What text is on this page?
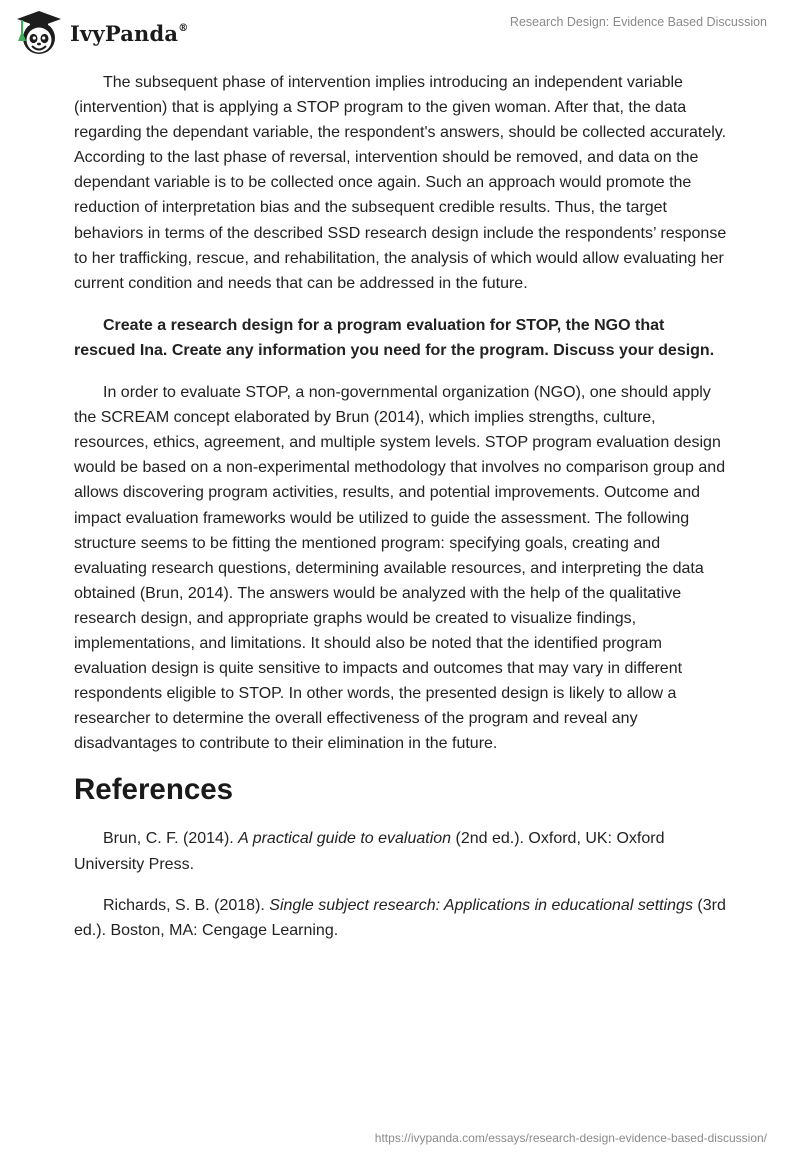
IvyPanda®	Research Design: Evidence Based Discussion

The subsequent phase of intervention implies introducing an independent variable (intervention) that is applying a STOP program to the given woman. After that, the data regarding the dependant variable, the respondent's answers, should be collected accurately. According to the last phase of reversal, intervention should be removed, and data on the dependant variable is to be collected once again. Such an approach would promote the reduction of interpretation bias and the subsequent credible results. Thus, the target behaviors in terms of the described SSD research design include the respondents’ response to her trafficking, rescue, and rehabilitation, the analysis of which would allow evaluating her current condition and needs that can be addressed in the future.

Create a research design for a program evaluation for STOP, the NGO that rescued Ina. Create any information you need for the program. Discuss your design.

In order to evaluate STOP, a non-governmental organization (NGO), one should apply the SCREAM concept elaborated by Brun (2014), which implies strengths, culture, resources, ethics, agreement, and multiple system levels. STOP program evaluation design would be based on a non-experimental methodology that involves no comparison group and allows discovering program activities, results, and potential improvements. Outcome and impact evaluation frameworks would be utilized to guide the assessment. The following structure seems to be fitting the mentioned program: specifying goals, creating and evaluating research questions, determining available resources, and interpreting the data obtained (Brun, 2014). The answers would be analyzed with the help of the qualitative research design, and appropriate graphs would be created to visualize findings, implementations, and limitations. It should also be noted that the identified program evaluation design is quite sensitive to impacts and outcomes that may vary in different respondents eligible to STOP. In other words, the presented design is likely to allow a researcher to determine the overall effectiveness of the program and reveal any disadvantages to contribute to their elimination in the future.

References

Brun, C. F. (2014). A practical guide to evaluation (2nd ed.). Oxford, UK: Oxford University Press.

Richards, S. B. (2018). Single subject research: Applications in educational settings (3rd ed.). Boston, MA: Cengage Learning.

https://ivypanda.com/essays/research-design-evidence-based-discussion/
